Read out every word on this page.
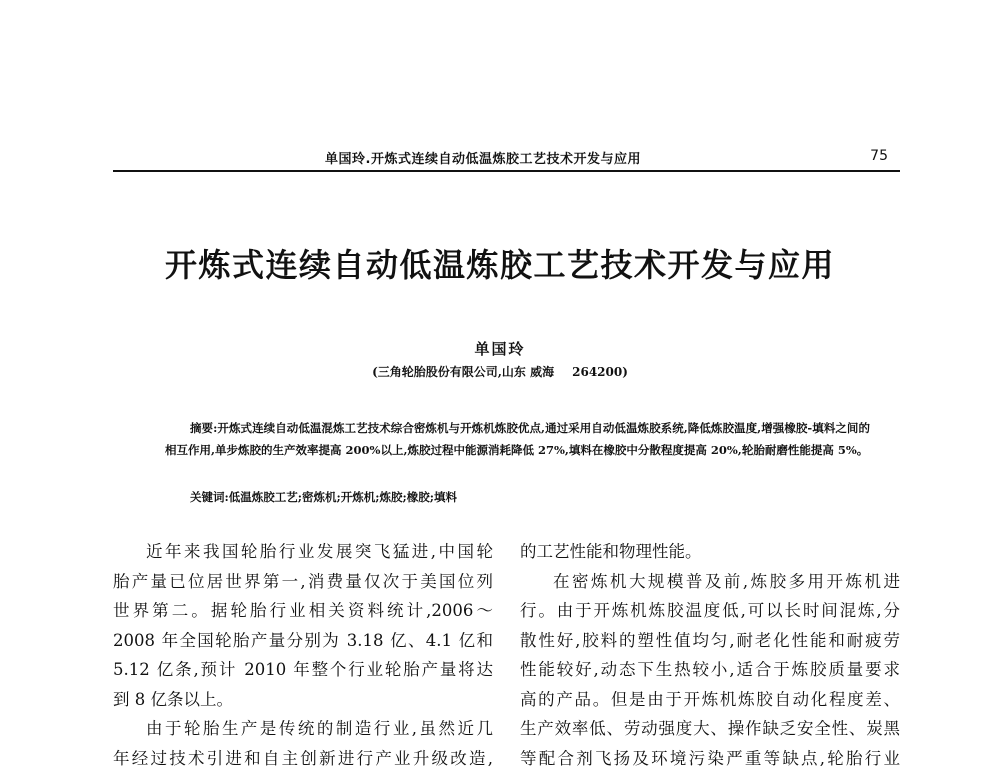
单国玲.开炼式连续自动低温炼胶工艺技术开发与应用	75
开炼式连续自动低温炼胶工艺技术开发与应用
单国玲
(三角轮胎股份有限公司,山东 威海 264200)
摘要:开炼式连续自动低温混炼工艺技术综合密炼机与开炼机炼胶优点,通过采用自动低温炼胶系统,降低炼胶温度,增强橡胶-填料之间的相互作用,单步炼胶的生产效率提高 200%以上,炼胶过程中能源消耗降低 27%,填料在橡胶中分散程度提高 20%,轮胎耐磨性能提高 5%。
关键词:低温炼胶工艺;密炼机;开炼机;炼胶;橡胶;填料
近年来我国轮胎行业发展突飞猛进,中国轮
胎产量已位居世界第一,消费量仅次于美国位列
世界第二。据轮胎行业相关资料统计,2006～
2008 年全国轮胎产量分别为 3.18 亿、4.1 亿和
5.12 亿条,预计 2010 年整个行业轮胎产量将达
到 8 亿条以上。
由于轮胎生产是传统的制造行业,虽然近几
年经过技术引进和自主创新进行产业升级改造,
的工艺性能和物理性能。
在密炼机大规模普及前,炼胶多用开炼机进
行。由于开炼机炼胶温度低,可以长时间混炼,分
散性好,胶料的塑性值均匀,耐老化性能和耐疲劳
性能较好,动态下生热较小,适合于炼胶质量要求
高的产品。但是由于开炼机炼胶自动化程度差、
生产效率低、劳动强度大、操作缺乏安全性、炭黑
等配合剂飞扬及环境污染严重等缺点,轮胎行业
